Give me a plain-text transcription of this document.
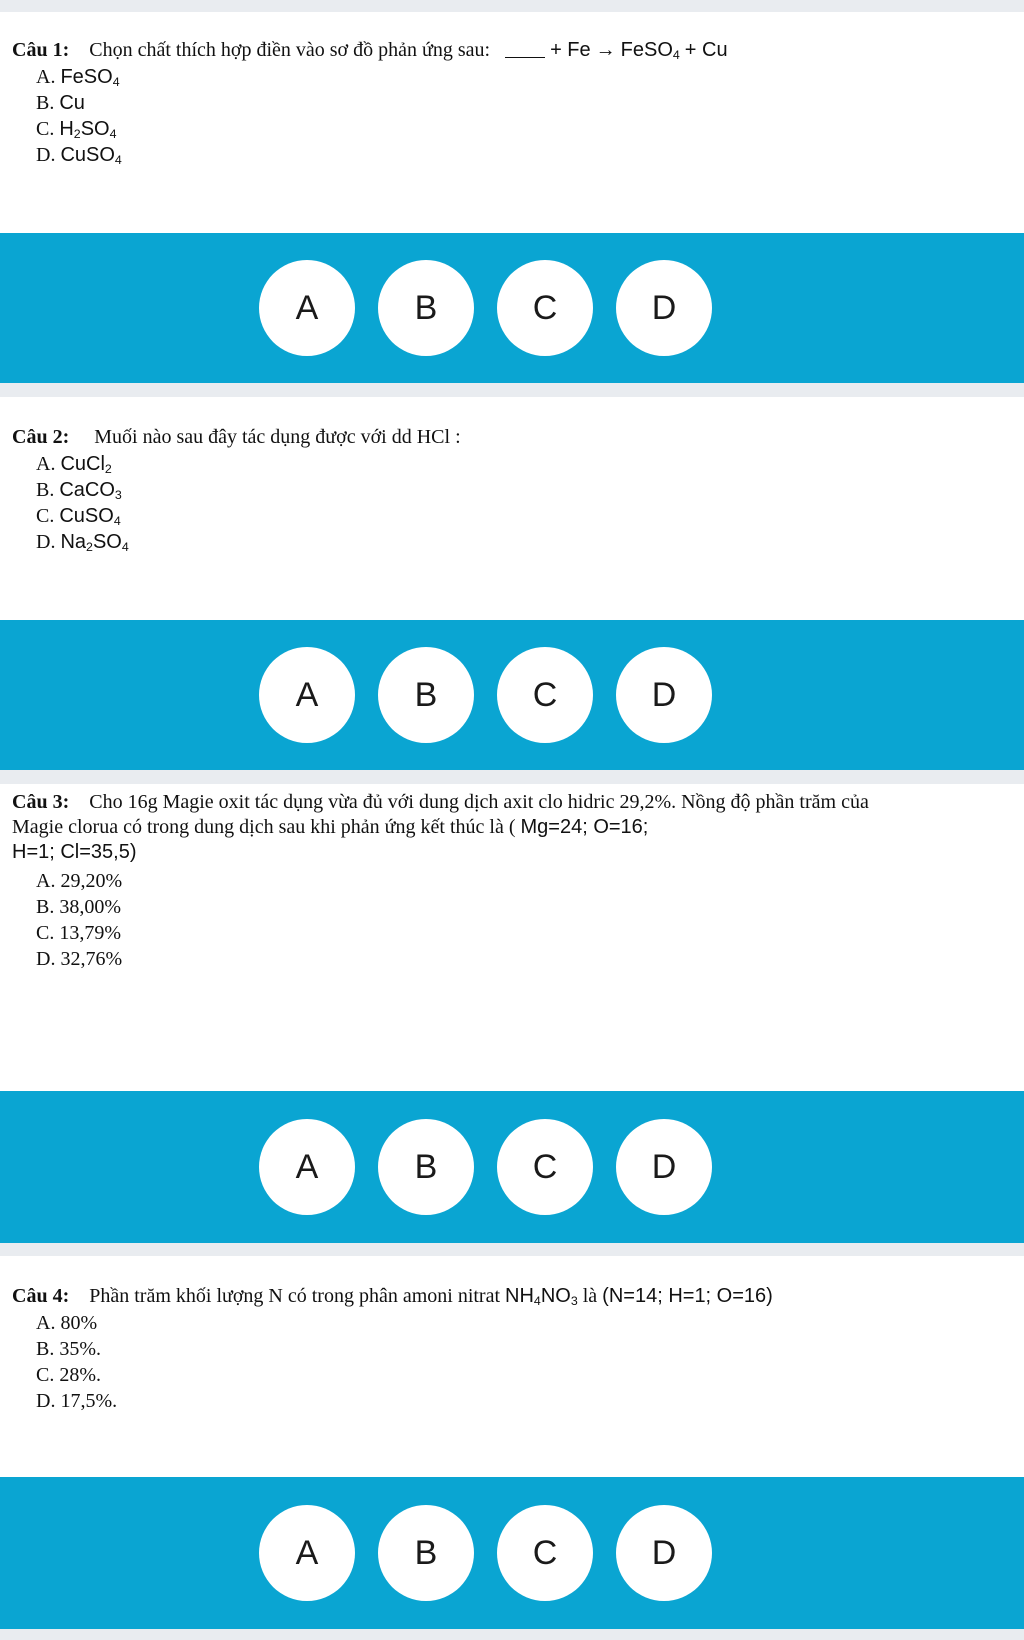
Câu 1: Chọn chất thích hợp điền vào sơ đồ phản ứng sau:	+ Fe → FeSO$_4$ + Cu
A. FeSO$_4$
B. Cu
C. $H_2SO_4$
D. CuSO$_4$
A	B	C	D
Câu 2: Muối nào sau đây tác dụng được với dd HCl :
A. CuCl$_2$
B. CaCO$_3$
C. CuSO$_4$
D. $Na_2SO_4$
A	B	C	D
Câu 3: Cho 16g Magie oxit tác dụng vừa đủ với dung dịch axit clo hidric 29,2%. Nồng độ phần trăm của Magie clorua có trong dung dịch sau khi phản ứng kết thúc là ( Mg=24; O=16;
H=1; Cl=35,5)
A. 29,20%
B. 38,00%
C. 13,79%
D. 32,76%
A	B	C	D
Câu 4: Phần trăm khối lượng N có trong phân amoni nitrat $NH_4NO_3$ là (N=14; H=1; O=16)
A. 80%
B. 35%.
C. 28%.
D. 17,5%.
A	B	C	D
